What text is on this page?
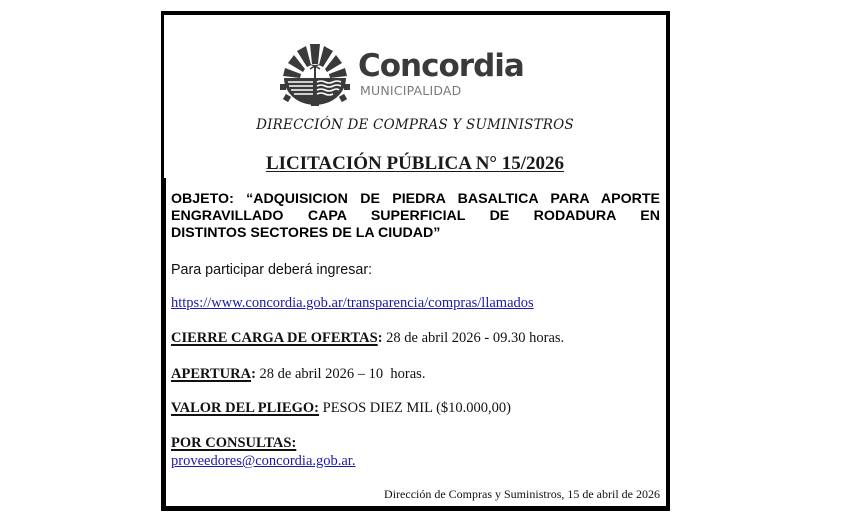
Concordia
MUNICIPALIDAD
DIRECCIÓN DE COMPRAS Y SUMINISTROS
LICITACIÓN PÚBLICA N° 15/2026
OBJETO: “ADQUISICION DE PIEDRA BASALTICA PARA APORTE
ENGRAVILLADO CAPA SUPERFICIAL DE RODADURA EN
DISTINTOS SECTORES DE LA CIUDAD”
Para participar deberá ingresar:
https://www.concordia.gob.ar/transparencia/compras/llamados
CIERRE CARGA DE OFERTAS: 28 de abril 2026 - 09.30 horas.
APERTURA: 28 de abril 2026 – 10  horas.
VALOR DEL PLIEGO: PESOS DIEZ MIL ($10.000,00)
POR CONSULTAS:
proveedores@concordia.gob.ar.
Dirección de Compras y Suministros, 15 de abril de 2026
